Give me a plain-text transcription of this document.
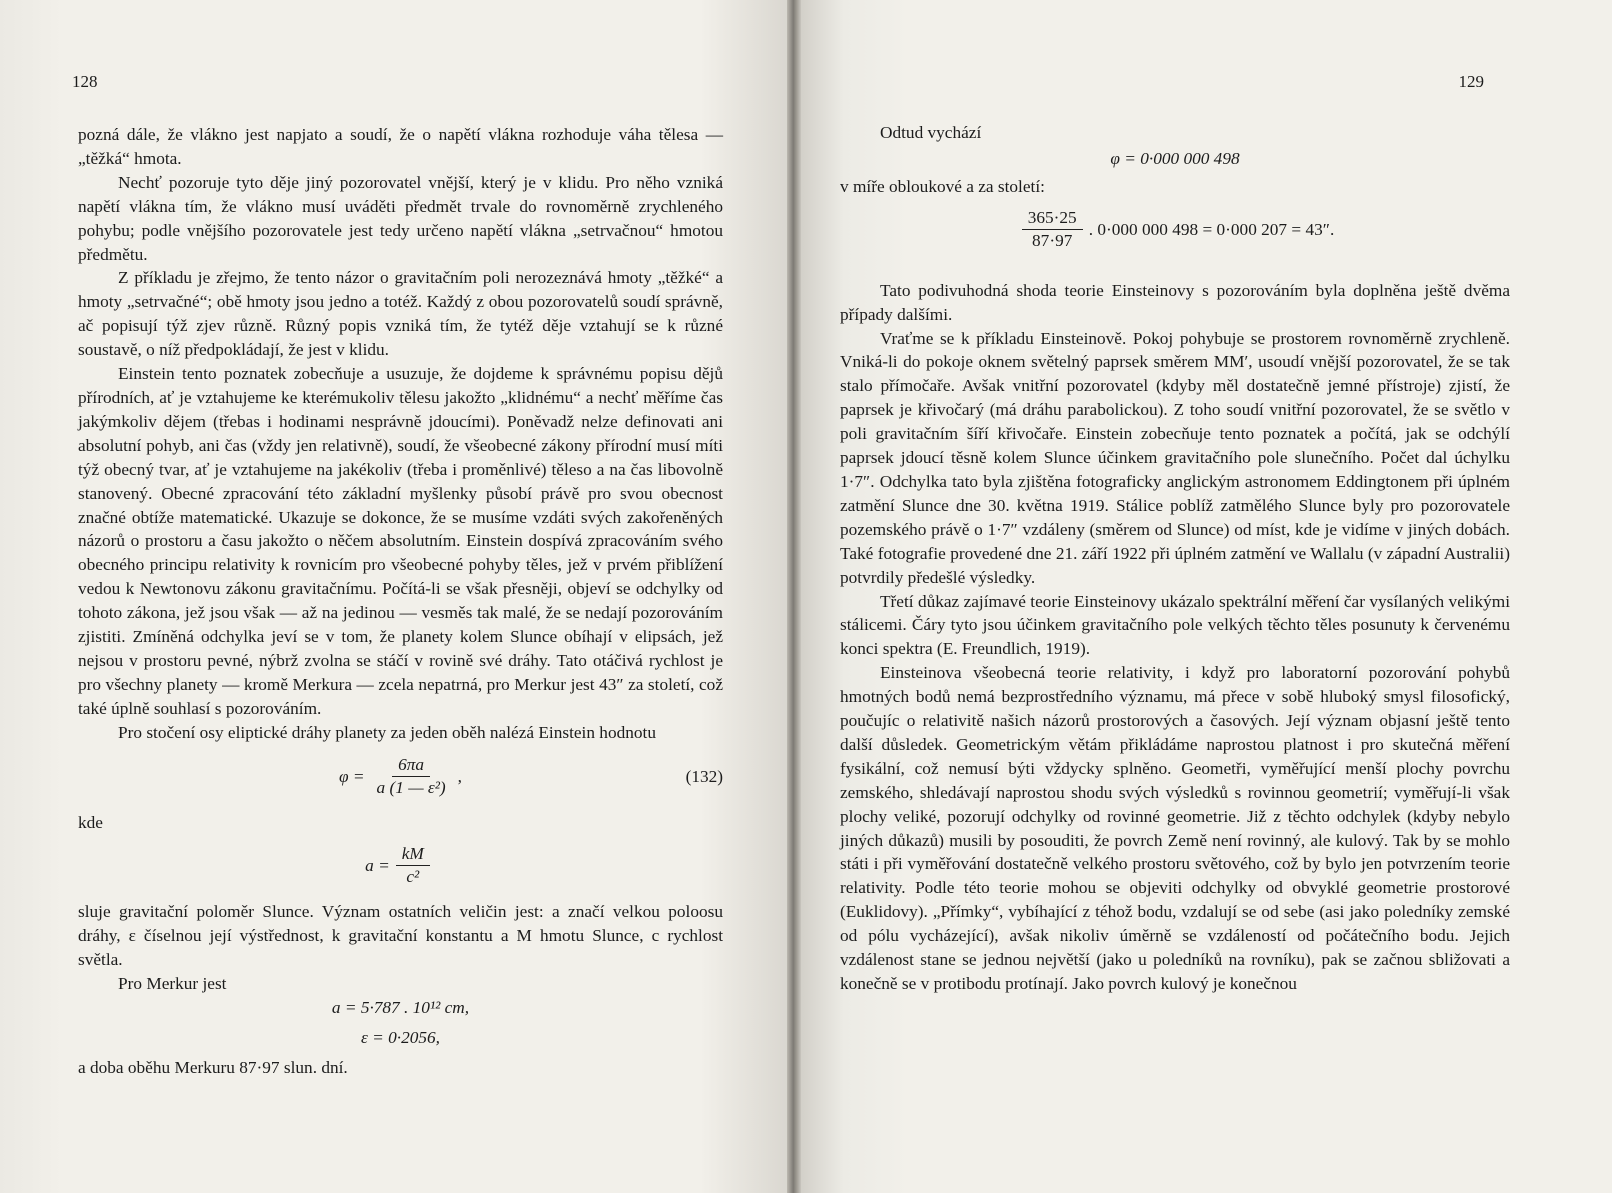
128

pozná dále, že vlákno jest napjato a soudí, že o napětí vlákna rozhoduje váha tělesa — „těžká“ hmota.

Nechť pozoruje tyto děje jiný pozorovatel vnější, který je v klidu. Pro něho vzniká napětí vlákna tím, že vlákno musí uváděti předmět trvale do rovnoměrně zrychleného pohybu; podle vnějšího pozorovatele jest tedy určeno napětí vlákna „setrvačnou“ hmotou předmětu.

Z příkladu je zřejmo, že tento názor o gravitačním poli nerozeznává hmoty „těžké“ a hmoty „setrvačné“; obě hmoty jsou jedno a totéž. Každý z obou pozorovatelů soudí správně, ač popisují týž zjev různě. Různý popis vzniká tím, že tytéž děje vztahují se k různé soustavě, o níž předpokládají, že jest v klidu.

Einstein tento poznatek zobecňuje a usuzuje, že dojdeme k správnému popisu dějů přírodních, ať je vztahujeme ke kterémukoliv tělesu jakožto „klidnému“ a nechť měříme čas jakýmkoliv dějem (třebas i hodinami nesprávně jdoucími). Poněvadž nelze definovati ani absolutní pohyb, ani čas (vždy jen relativně), soudí, že všeobecné zákony přírodní musí míti týž obecný tvar, ať je vztahujeme na jakékoliv (třeba i proměnlivé) těleso a na čas libovolně stanovený. Obecné zpracování této základní myšlenky působí právě pro svou obecnost značné obtíže matematické. Ukazuje se dokonce, že se musíme vzdáti svých zakořeněných názorů o prostoru a času jakožto o něčem absolutním. Einstein dospívá zpracováním svého obecného principu relativity k rovnicím pro všeobecné pohyby těles, jež v prvém přiblížení vedou k Newtonovu zákonu gravitačnímu. Počítá-li se však přesněji, objeví se odchylky od tohoto zákona, jež jsou však — až na jedinou — vesměs tak malé, že se nedají pozorováním zjistiti. Zmíněná odchylka jeví se v tom, že planety kolem Slunce obíhají v elipsách, jež nejsou v prostoru pevné, nýbrž zvolna se stáčí v rovině své dráhy. Tato otáčivá rychlost je pro všechny planety — kromě Merkura — zcela nepatrná, pro Merkur jest 43″ za století, což také úplně souhlasí s pozorováním.

Pro stočení osy eliptické dráhy planety za jeden oběh nalézá Einstein hodnotu

$\varphi = \frac{6\pi a}{\text{a (1 — ε²)}}$ ,	(132)

kde

$a = \frac{kM}{\text{c²}}$

sluje gravitační poloměr Slunce. Význam ostatních veličin jest: a značí velkou poloosu dráhy, ε číselnou její výstřednost, k gravitační konstantu a M hmotu Slunce, c rychlost světla.

Pro Merkur jest

a = 5·787 . 10¹² cm,
ε = 0·2056,

a doba oběhu Merkuru 87·97 slun. dní.

129

Odtud vychází

φ = 0·000 000 498

v míře obloukové a za století:

$\frac{365\cdot 25}{87\cdot 97}$ . 0·000 000 498 = 0·000 207 = 43″.

Tato podivuhodná shoda teorie Einsteinovy s pozorováním byla doplněna ještě dvěma případy dalšími.

Vraťme se k příkladu Einsteinově. Pokoj pohybuje se prostorem rovnoměrně zrychleně. Vniká-li do pokoje oknem světelný paprsek směrem MM′, usoudí vnější pozorovatel, že se tak stalo přímočaře. Avšak vnitřní pozorovatel (kdyby měl dostatečně jemné přístroje) zjistí, že paprsek je křivočarý (má dráhu parabolickou). Z toho soudí vnitřní pozorovatel, že se světlo v poli gravitačním šíří křivočaře. Einstein zobecňuje tento poznatek a počítá, jak se odchýlí paprsek jdoucí těsně kolem Slunce účinkem gravitačního pole slunečního. Počet dal úchylku 1·7″. Odchylka tato byla zjištěna fotograficky anglickým astronomem Eddingtonem při úplném zatmění Slunce dne 30. května 1919. Stálice poblíž zatmělého Slunce byly pro pozorovatele pozemského právě o 1·7″ vzdáleny (směrem od Slunce) od míst, kde je vidíme v jiných dobách. Také fotografie provedené dne 21. září 1922 při úplném zatmění ve Wallalu (v západní Australii) potvrdily předešlé výsledky.

Třetí důkaz zajímavé teorie Einsteinovy ukázalo spektrální měření čar vysílaných velikými stálicemi. Čáry tyto jsou účinkem gravitačního pole velkých těchto těles posunuty k červenému konci spektra (E. Freundlich, 1919).

Einsteinova všeobecná teorie relativity, i když pro laboratorní pozorování pohybů hmotných bodů nemá bezprostředního významu, má přece v sobě hluboký smysl filosofický, poučujíc o relativitě našich názorů prostorových a časových. Její význam objasní ještě tento další důsledek. Geometrickým větám přikládáme naprostou platnost i pro skutečná měření fysikální, což nemusí býti vždycky splněno. Geometři, vyměřující menší plochy povrchu zemského, shledávají naprostou shodu svých výsledků s rovinnou geometrií; vyměřují-li však plochy veliké, pozorují odchylky od rovinné geometrie. Již z těchto odchylek (kdyby nebylo jiných důkazů) musili by posouditi, že povrch Země není rovinný, ale kulový. Tak by se mohlo státi i při vyměřování dostatečně velkého prostoru světového, což by bylo jen potvrzením teorie relativity. Podle této teorie mohou se objeviti odchylky od obvyklé geometrie prostorové (Euklidovy). „Přímky“, vybíhající z téhož bodu, vzdalují se od sebe (asi jako poledníky zemské od pólu vycházející), avšak nikoliv úměrně se vzdáleností od počátečního bodu. Jejich vzdálenost stane se jednou největší (jako u poledníků na rovníku), pak se začnou sbližovati a konečně se v protibodu protínají. Jako povrch kulový je konečnou
